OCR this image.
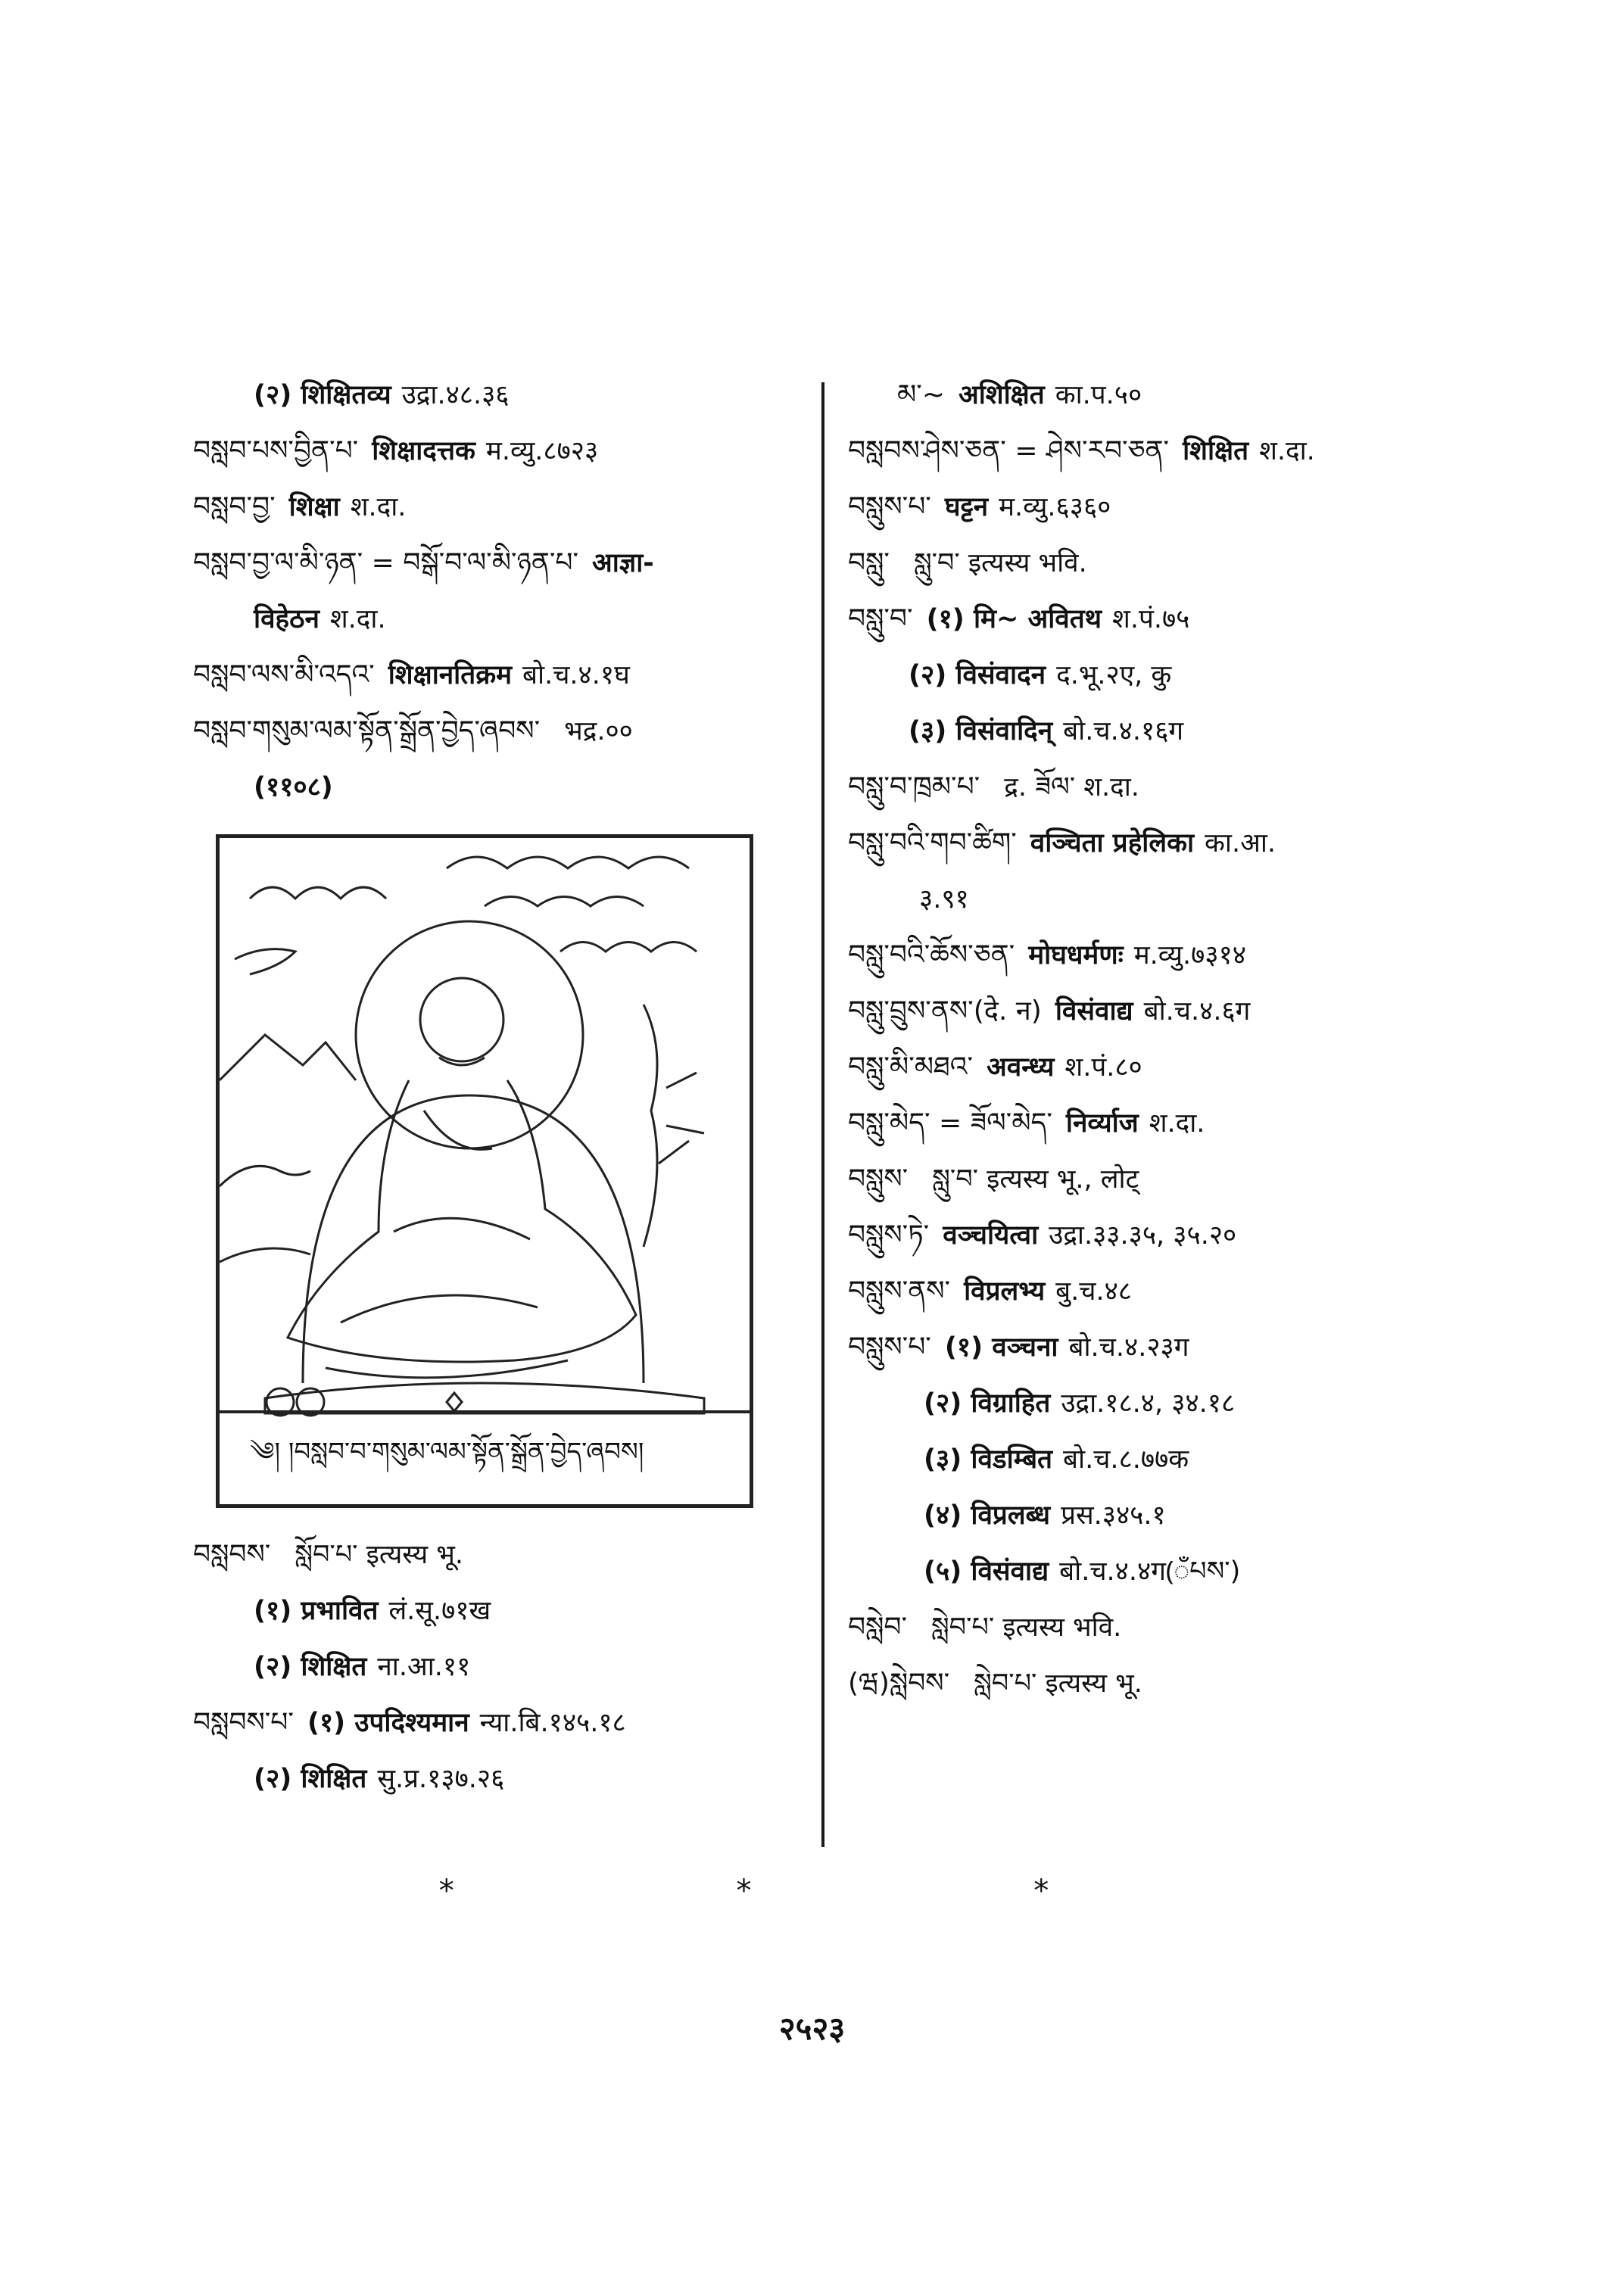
(२) शिक्षितव्य उद्रा.४८.३६
བསླབ་པས་བྱིན་པ་ शिक्षादत्तक म.व्यु.८७२३
བསླབ་བྱ་ शिक्षा श.दा.
བསླབ་བྱ་ལ་མི་ཉན་ = བསྒོ་བ་ལ་མི་ཉན་པ་ आज्ञा-
विहेठन श.दा.
བསླབ་ལས་མི་འདའ་ शिक्षानतिक्रम बो.च.४.१घ
བསླབ་གསུམ་ལམ་སྟོན་སྒྲོན་བྱེད་ཞབས་ भद्र.००
(११०८)
༄། །བསླབ་བ་གསུམ་ལམ་སྟོན་སྒྲོན་བྱེད་ཞབས།
བསླབས་ སློབ་པ་ इत्यस्य भू.
(१) प्रभावित लं.सू.७१ख
(२) शिक्षित ना.आ.११
བསླབས་པ་ (१) उपदिश्यमान न्या.बि.१४५.१८
(२) शिक्षित सु.प्र.१३७.२६
མ་~ अशिक्षित का.प.५०
བསླབས་ཤེས་ཅན་ = ཤེས་རབ་ཅན་ शिक्षित श.दा.
བསླུས་པ་ घट्टन म.व्यु.६३६०
བསླུ་ སླུ་བ་ इत्यस्य भवि.
བསླུ་བ་ (१) मि~ अवितथ श.पं.७५
(२) विसंवादन द.भू.२ए, कु
(३) विसंवादिन् बो.च.४.१६ग
བསླུ་བ་ཁྲམ་པ་ द्र. ཟོལ་ श.दा.
བསླུ་བའི་གབ་ཚིག་ वञ्चिता प्रहेलिका का.आ.
३.९१
བསླུ་བའི་ཆོས་ཅན་ मोघधर्मणः म.व्यु.७३१४
བསླུ་བྲུས་ནས་(दे. न) विसंवाद्य बो.च.४.६ग
བསླུ་མི་མཐའ་ अवन्ध्य श.पं.८०
བསླུ་མེད་ = ཟོལ་མེད་ निर्व्याज श.दा.
བསླུས་ སླུ་བ་ इत्यस्य भू., लोट्
བསླུས་ཏེ་ वञ्चयित्वा उद्रा.३३.३५, ३५.२०
བསླུས་ནས་ विप्रलभ्य बु.च.४८
བསླུས་པ་ (१) वञ्चना बो.च.४.२३ग
(२) विग्राहित उद्रा.१८.४, ३४.१८
(३) विडम्बित बो.च.८.७७क
(४) विप्रलब्ध प्रस.३४५.१
(५) विसंवाद्य बो.च.४.४ग(ँཔས་)
བསླེབ་ སླེབ་པ་ इत्यस्य भवि.
(ཝ)སླེབས་ སླེབ་པ་ इत्यस्य भू.
* * *
२५२३
